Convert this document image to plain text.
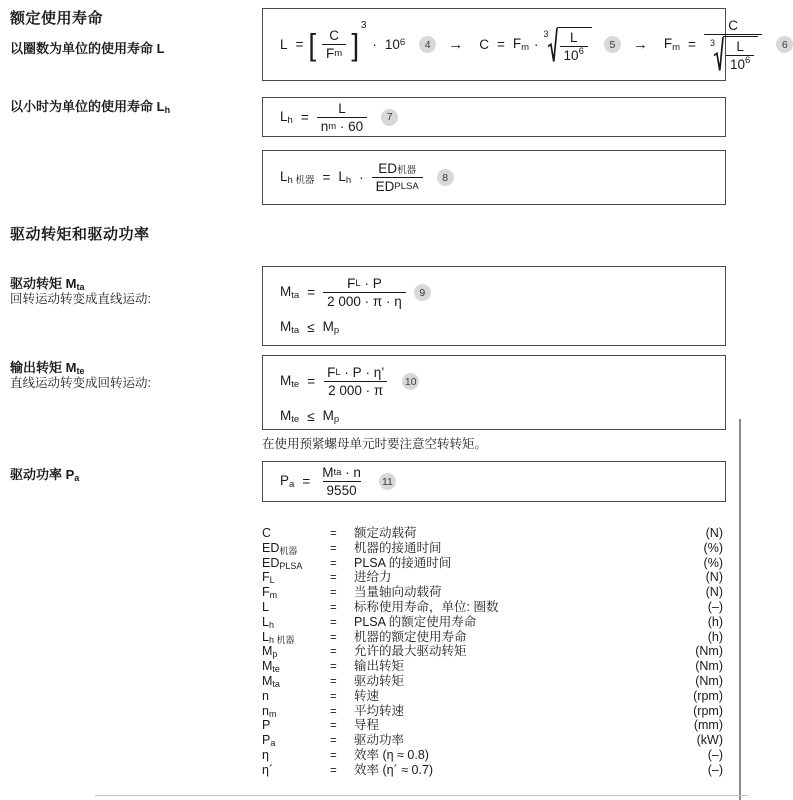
额定使用寿命
以圈数为单位的使用寿命 L	L = [ $\frac{C}{\text{F m}}$ ]
3
· $10^6$	4	→ $C = F_m$ ·
$3 \frac{L}{10 6}$	5	→ $F_m$ =
C
$3 \frac{L}{10 6}$	6
以小时为单位的使用寿命 $L_h$	$L_h = L$
n m
·
60	7
$L_{h 机器} = L_h \cdot \frac{\text{ED 机器}}{\text{ED PLSA}}$	8
驱动转矩和驱动功率
驱动转矩 $M_{ta}$
回转运动转变成直线运动:	$M_{ta} = F$ L
·
P
2 000
·
π
·
η	9
$M_{ta} \le M_p$
输出转矩 $M_{te}$
直线运动转变成回转运动:	$M_{te} = F$ L
·
P
·
η’
2 000
·
π 10
$M_{te} \le M_p$
在使用预紧螺母单元时要注意空转转矩。
驱动功率 $P_a$	$P_a = M$ ta
·
n
9550 11
C	=	额定动载荷	(N)
$ED_{机器}$	=	机器的接通时间	(%)
$ED_{PLSA}$	=	PLSA 的接通时间	(%)
$F_L$	=	进给力	(N)
$F_m$	=	当量轴向动载荷	(N)
L	=	标称使用寿命，单位: 圈数	(–)
$L_h$	=	PLSA 的额定使用寿命	(h)
$L_{h 机器}$	=	机器的额定使用寿命	(h)
$M_p$	=	允许的最大驱动转矩	(Nm)
$M_{te}$	=	输出转矩	(Nm)
$M_{ta}$	=	驱动转矩	(Nm)
n	=	转速	(rpm)
$n_m$	=	平均转速	(rpm)
P	=	导程	(mm)
$P_a$	=	驱动功率	(kW)
η	=	效率 (η ≈ 0.8)	(–)
η´	=	效率 (η´ ≈ 0.7)	(–)
